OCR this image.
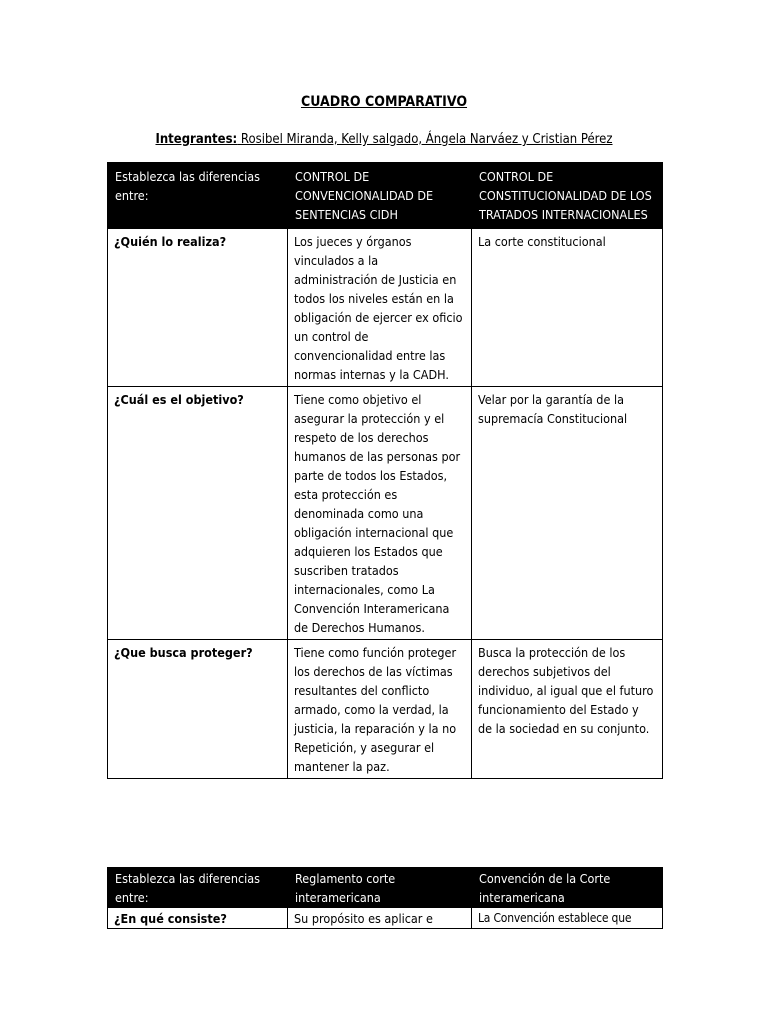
CUADRO COMPARATIVO
Integrantes: Rosibel Miranda, Kelly salgado, Ángela Narváez y Cristian Pérez
Establezca las diferencias entre:	CONTROL DE CONVENCIONALIDAD DE SENTENCIAS CIDH	CONTROL DE CONSTITUCIONALIDAD DE LOS TRATADOS INTERNACIONALES
¿Quién lo realiza?	Los jueces y órganos vinculados a la administración de Justicia en todos los niveles están en la obligación de ejercer ex oficio un control de convencionalidad entre las normas internas y la CADH.	La corte constitucional
¿Cuál es el objetivo?	Tiene como objetivo el asegurar la protección y el respeto de los derechos humanos de las personas por parte de todos los Estados, esta protección es denominada como una obligación internacional que adquieren los Estados que suscriben tratados internacionales, como La Convención Interamericana de Derechos Humanos.	Velar por la garantía de la supremacía Constitucional
¿Que busca proteger?	Tiene como función proteger los derechos de las víctimas resultantes del conflicto armado, como la verdad, la justicia, la reparación y la no Repetición, y asegurar el mantener la paz.	Busca la protección de los derechos subjetivos del individuo, al igual que el futuro funcionamiento del Estado y de la sociedad en su conjunto.
Establezca las diferencias entre:	Reglamento corte interamericana	Convención de la Corte interamericana
¿En qué consiste?	Su propósito es aplicar e	La Convención establece que
